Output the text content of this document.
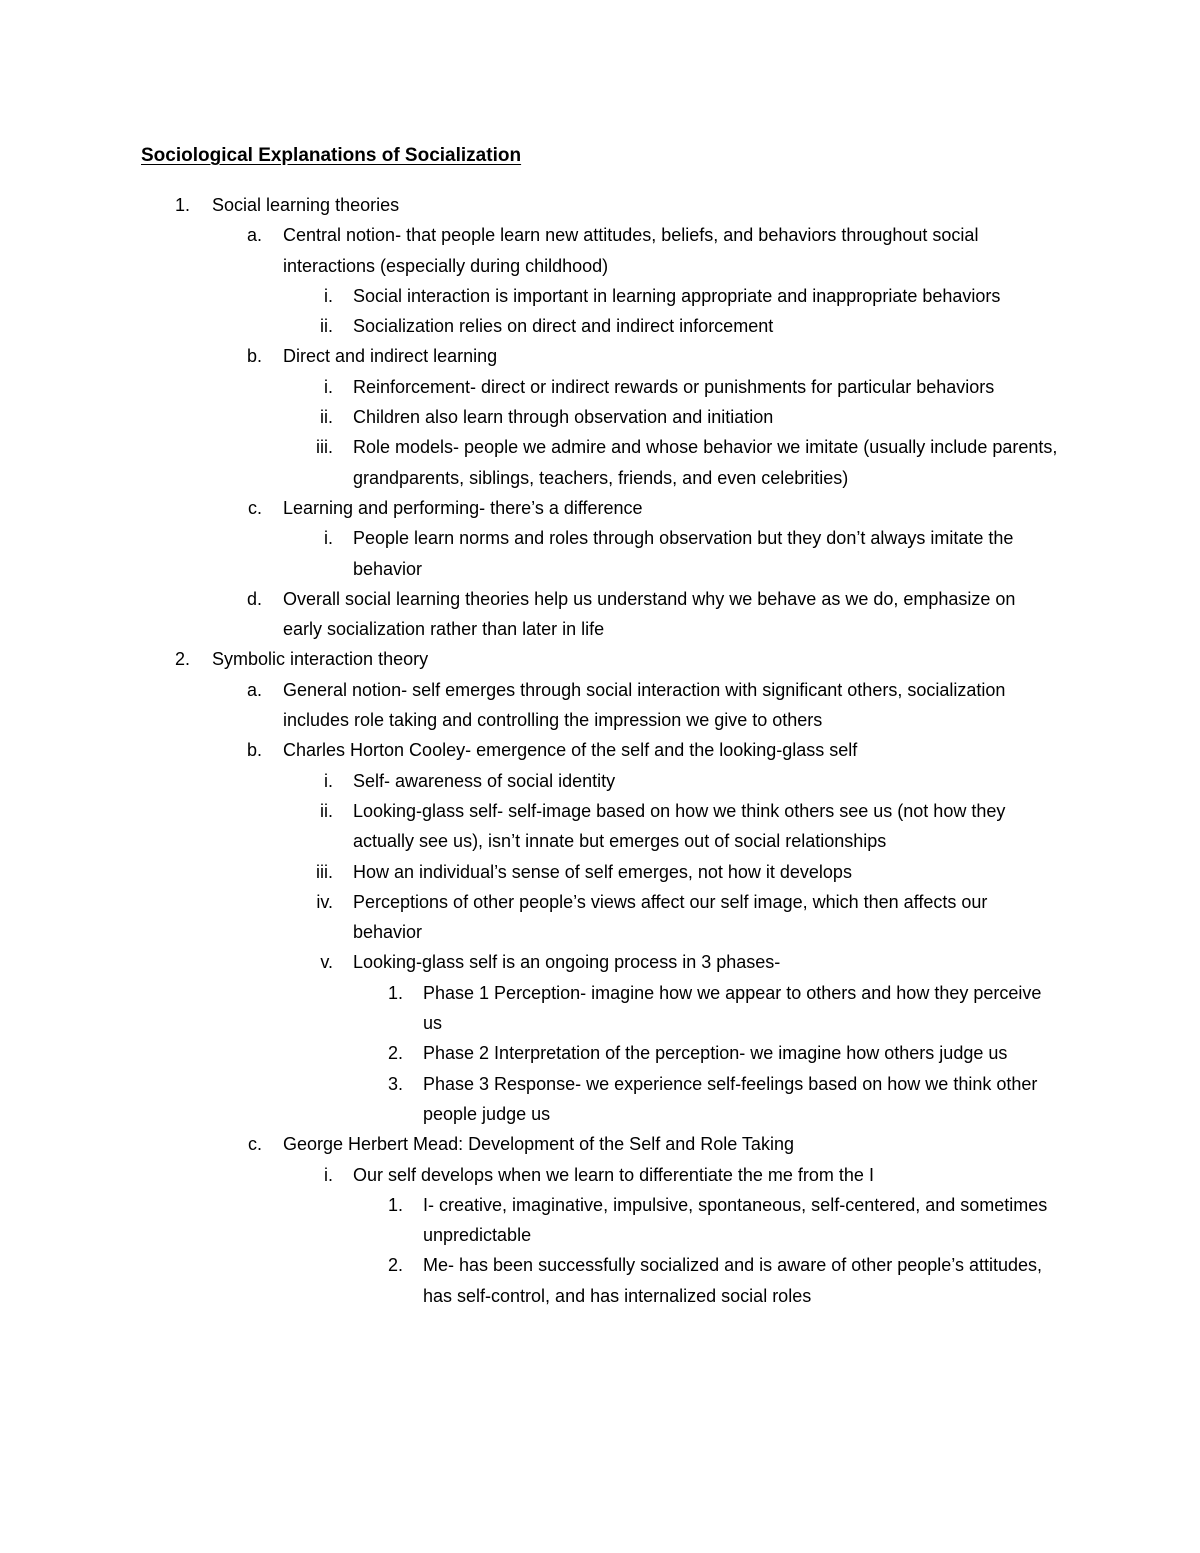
Sociological Explanations of Socialization
1. Social learning theories
a. Central notion- that people learn new attitudes, beliefs, and behaviors throughout social interactions (especially during childhood)
i. Social interaction is important in learning appropriate and inappropriate behaviors
ii. Socialization relies on direct and indirect inforcement
b. Direct and indirect learning
i. Reinforcement- direct or indirect rewards or punishments for particular behaviors
ii. Children also learn through observation and initiation
iii. Role models- people we admire and whose behavior we imitate (usually include parents, grandparents, siblings, teachers, friends, and even celebrities)
c. Learning and performing- there’s a difference
i. People learn norms and roles through observation but they don’t always imitate the behavior
d. Overall social learning theories help us understand why we behave as we do, emphasize on early socialization rather than later in life
2. Symbolic interaction theory
a. General notion- self emerges through social interaction with significant others, socialization includes role taking and controlling the impression we give to others
b. Charles Horton Cooley- emergence of the self and the looking-glass self
i. Self- awareness of social identity
ii. Looking-glass self- self-image based on how we think others see us (not how they actually see us), isn’t innate but emerges out of social relationships
iii. How an individual’s sense of self emerges, not how it develops
iv. Perceptions of other people’s views affect our self image, which then affects our behavior
v. Looking-glass self is an ongoing process in 3 phases-
1. Phase 1 Perception- imagine how we appear to others and how they perceive us
2. Phase 2 Interpretation of the perception- we imagine how others judge us
3. Phase 3 Response- we experience self-feelings based on how we think other people judge us
c. George Herbert Mead: Development of the Self and Role Taking
i. Our self develops when we learn to differentiate the me from the I
1. I- creative, imaginative, impulsive, spontaneous, self-centered, and sometimes unpredictable
2. Me- has been successfully socialized and is aware of other people’s attitudes, has self-control, and has internalized social roles
